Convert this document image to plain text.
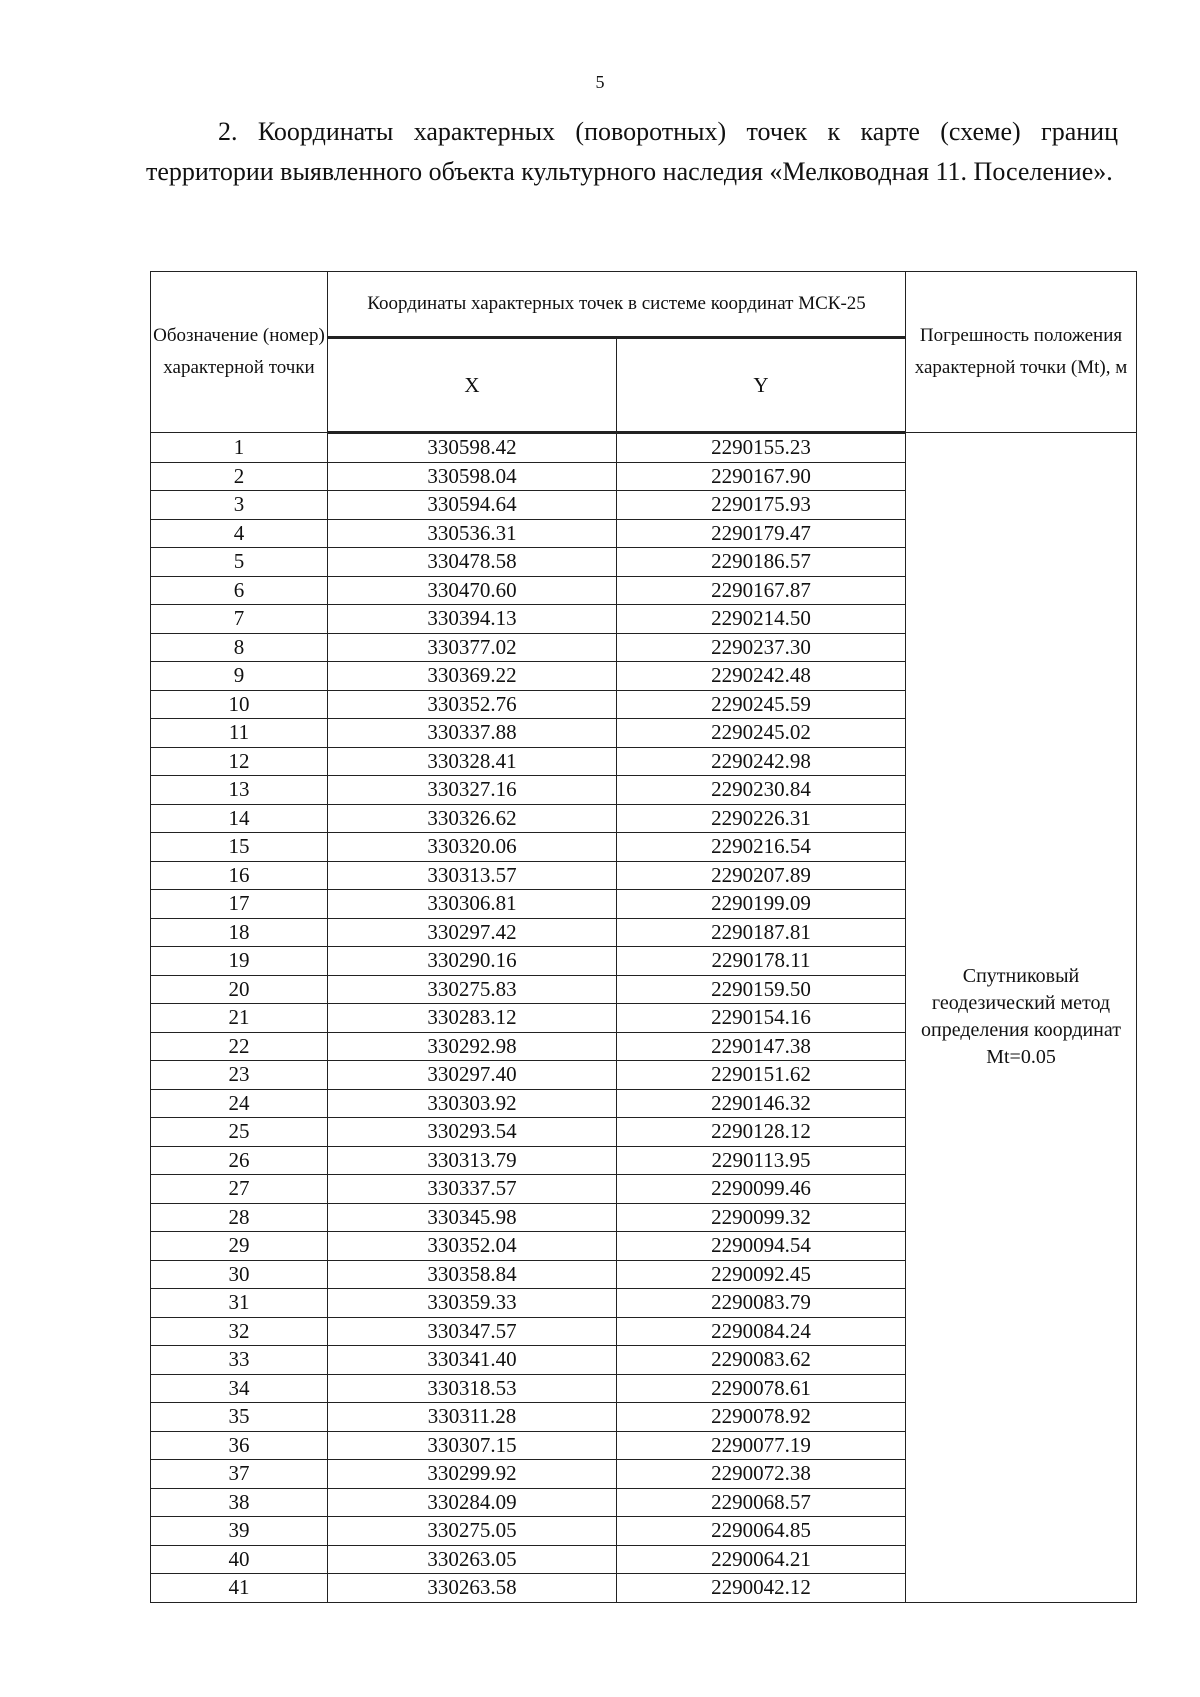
5

2. Координаты характерных (поворотных) точек к карте (схеме) границ территории выявленного объекта культурного наследия «Мелководная 11. Поселение».

Обозначение (номер) характерной точки	Координаты характерных точек в системе координат МСК-25		Погрешность положения характерной точки (Mt), м
	X	Y	
1	330598.42	2290155.23	Спутниковый геодезический метод определения координат Mt=0.05
2	330598.04	2290167.90	
3	330594.64	2290175.93	
4	330536.31	2290179.47	
5	330478.58	2290186.57	
6	330470.60	2290167.87	
7	330394.13	2290214.50	
8	330377.02	2290237.30	
9	330369.22	2290242.48	
10	330352.76	2290245.59	
11	330337.88	2290245.02	
12	330328.41	2290242.98	
13	330327.16	2290230.84	
14	330326.62	2290226.31	
15	330320.06	2290216.54	
16	330313.57	2290207.89	
17	330306.81	2290199.09	
18	330297.42	2290187.81	
19	330290.16	2290178.11	
20	330275.83	2290159.50	
21	330283.12	2290154.16	
22	330292.98	2290147.38	
23	330297.40	2290151.62	
24	330303.92	2290146.32	
25	330293.54	2290128.12	
26	330313.79	2290113.95	
27	330337.57	2290099.46	
28	330345.98	2290099.32	
29	330352.04	2290094.54	
30	330358.84	2290092.45	
31	330359.33	2290083.79	
32	330347.57	2290084.24	
33	330341.40	2290083.62	
34	330318.53	2290078.61	
35	330311.28	2290078.92	
36	330307.15	2290077.19	
37	330299.92	2290072.38	
38	330284.09	2290068.57	
39	330275.05	2290064.85	
40	330263.05	2290064.21	
41	330263.58	2290042.12	
